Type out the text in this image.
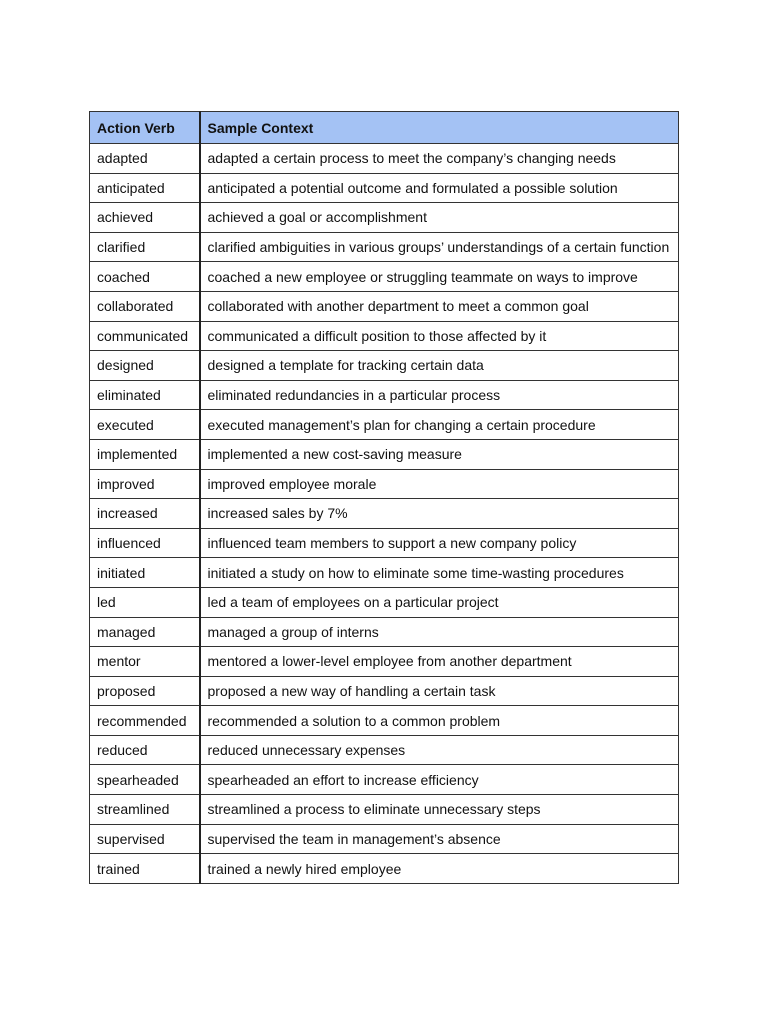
Action Verb	Sample Context
adapted	adapted a certain process to meet the company’s changing needs
anticipated	anticipated a potential outcome and formulated a possible solution
achieved	achieved a goal or accomplishment
clarified	clarified ambiguities in various groups’ understandings of a certain function
coached	coached a new employee or struggling teammate on ways to improve
collaborated	collaborated with another department to meet a common goal
communicated	communicated a difficult position to those affected by it
designed	designed a template for tracking certain data
eliminated	eliminated redundancies in a particular process
executed	executed management’s plan for changing a certain procedure
implemented	implemented a new cost-saving measure
improved	improved employee morale
increased	increased sales by 7%
influenced	influenced team members to support a new company policy
initiated	initiated a study on how to eliminate some time-wasting procedures
led	led a team of employees on a particular project
managed	managed a group of interns
mentor	mentored a lower-level employee from another department
proposed	proposed a new way of handling a certain task
recommended	recommended a solution to a common problem
reduced	reduced unnecessary expenses
spearheaded	spearheaded an effort to increase efficiency
streamlined	streamlined a process to eliminate unnecessary steps
supervised	supervised the team in management’s absence
trained	trained a newly hired employee
